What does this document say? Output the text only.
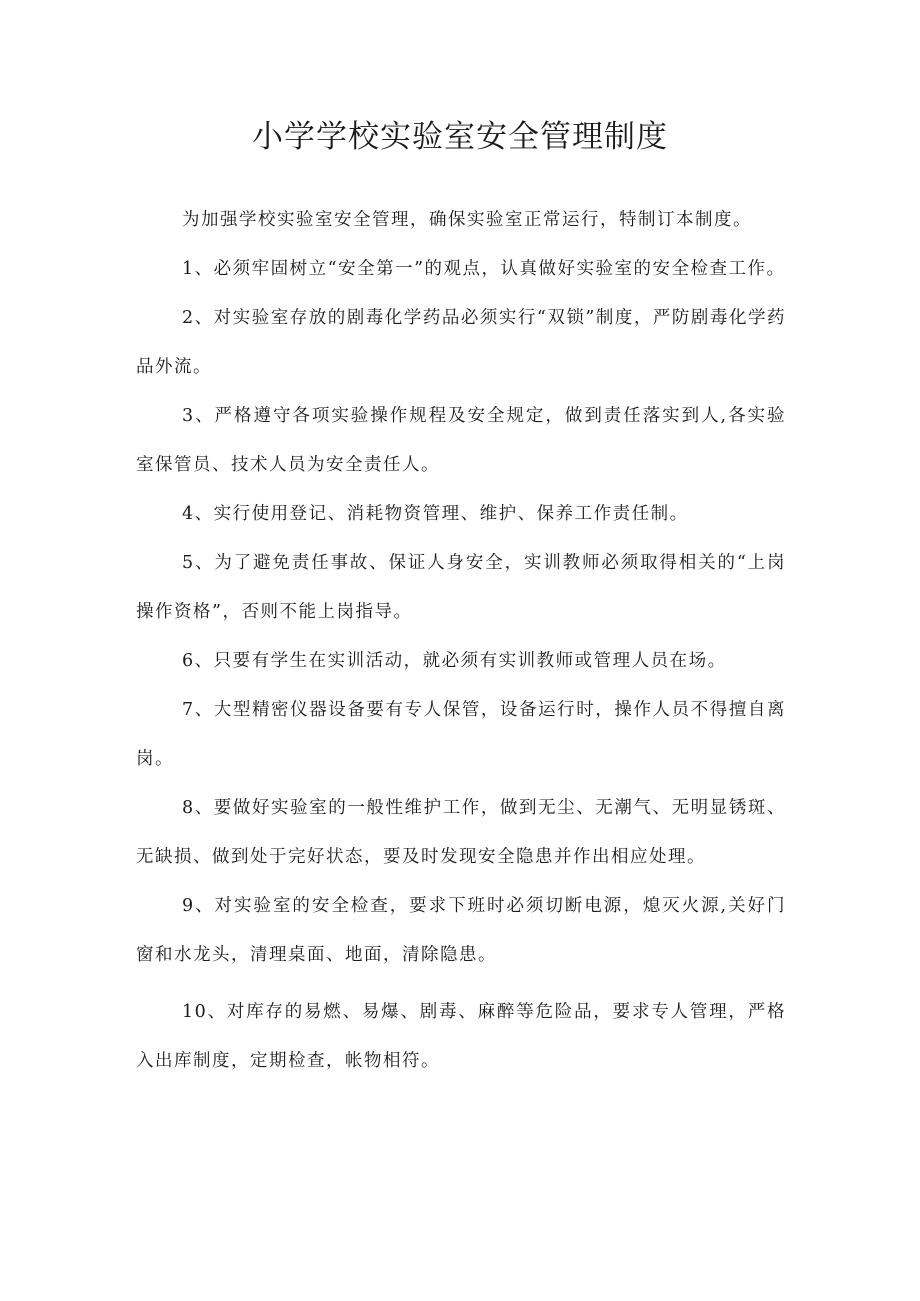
小学学校实验室安全管理制度

为加强学校实验室安全管理，确保实验室正常运行，特制订本制度。

1、必须牢固树立“安全第一”的观点，认真做好实验室的安全检查工作。

2、对实验室存放的剧毒化学药品必须实行“双锁”制度，严防剧毒化学药品外流。

3、严格遵守各项实验操作规程及安全规定，做到责任落实到人,各实验室保管员、技术人员为安全责任人。

4、实行使用登记、消耗物资管理、维护、保养工作责任制。

5、为了避免责任事故、保证人身安全，实训教师必须取得相关的“上岗操作资格”，否则不能上岗指导。

6、只要有学生在实训活动，就必须有实训教师或管理人员在场。

7、大型精密仪器设备要有专人保管，设备运行时，操作人员不得擅自离岗。

8、要做好实验室的一般性维护工作，做到无尘、无潮气、无明显锈斑、无缺损、做到处于完好状态，要及时发现安全隐患并作出相应处理。

9、对实验室的安全检查，要求下班时必须切断电源，熄灭火源,关好门窗和水龙头，清理桌面、地面，清除隐患。

10、对库存的易燃、易爆、剧毒、麻醉等危险品，要求专人管理，严格入出库制度，定期检查，帐物相符。
